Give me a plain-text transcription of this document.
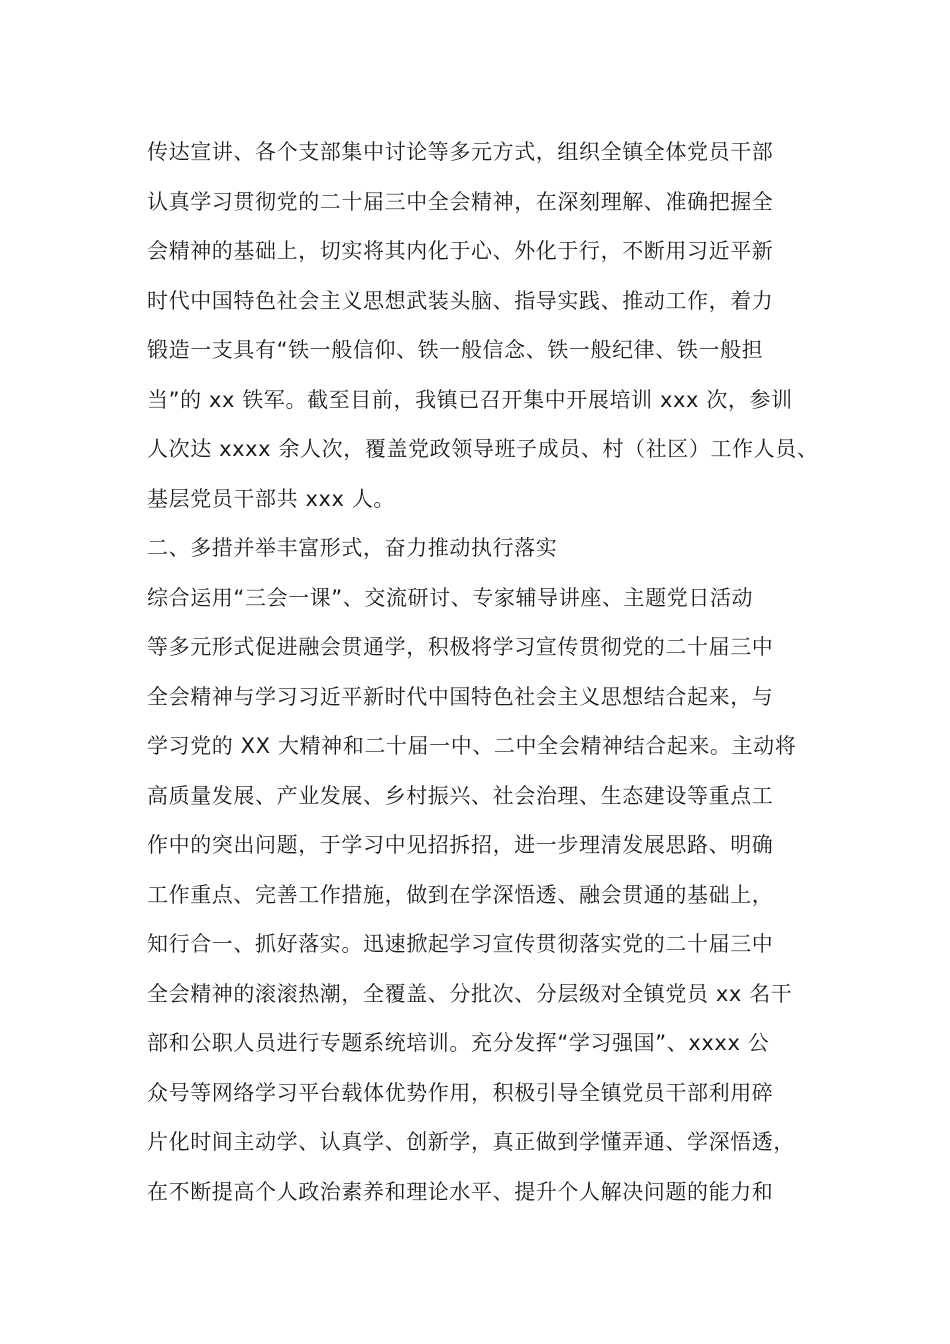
传达宣讲、各个支部集中讨论等多元方式，组织全镇全体党员干部
认真学习贯彻党的二十届三中全会精神，在深刻理解、准确把握全
会精神的基础上，切实将其内化于心、外化于行，不断用习近平新
时代中国特色社会主义思想武装头脑、指导实践、推动工作，着力
锻造一支具有“铁一般信仰、铁一般信念、铁一般纪律、铁一般担
当”的 xx 铁军。截至目前，我镇已召开集中开展培训 xxx 次，参训
人次达 xxxx 余人次，覆盖党政领导班子成员、村（社区）工作人员、
基层党员干部共 xxx 人。
二、多措并举丰富形式，奋力推动执行落实
综合运用“三会一课”、交流研讨、专家辅导讲座、主题党日活动
等多元形式促进融会贯通学，积极将学习宣传贯彻党的二十届三中
全会精神与学习习近平新时代中国特色社会主义思想结合起来，与
学习党的 XX 大精神和二十届一中、二中全会精神结合起来。主动将
高质量发展、产业发展、乡村振兴、社会治理、生态建设等重点工
作中的突出问题，于学习中见招拆招，进一步理清发展思路、明确
工作重点、完善工作措施，做到在学深悟透、融会贯通的基础上，
知行合一、抓好落实。迅速掀起学习宣传贯彻落实党的二十届三中
全会精神的滚滚热潮，全覆盖、分批次、分层级对全镇党员 xx 名干
部和公职人员进行专题系统培训。充分发挥“学习强国”、xxxx 公
众号等网络学习平台载体优势作用，积极引导全镇党员干部利用碎
片化时间主动学、认真学、创新学，真正做到学懂弄通、学深悟透，
在不断提高个人政治素养和理论水平、提升个人解决问题的能力和
